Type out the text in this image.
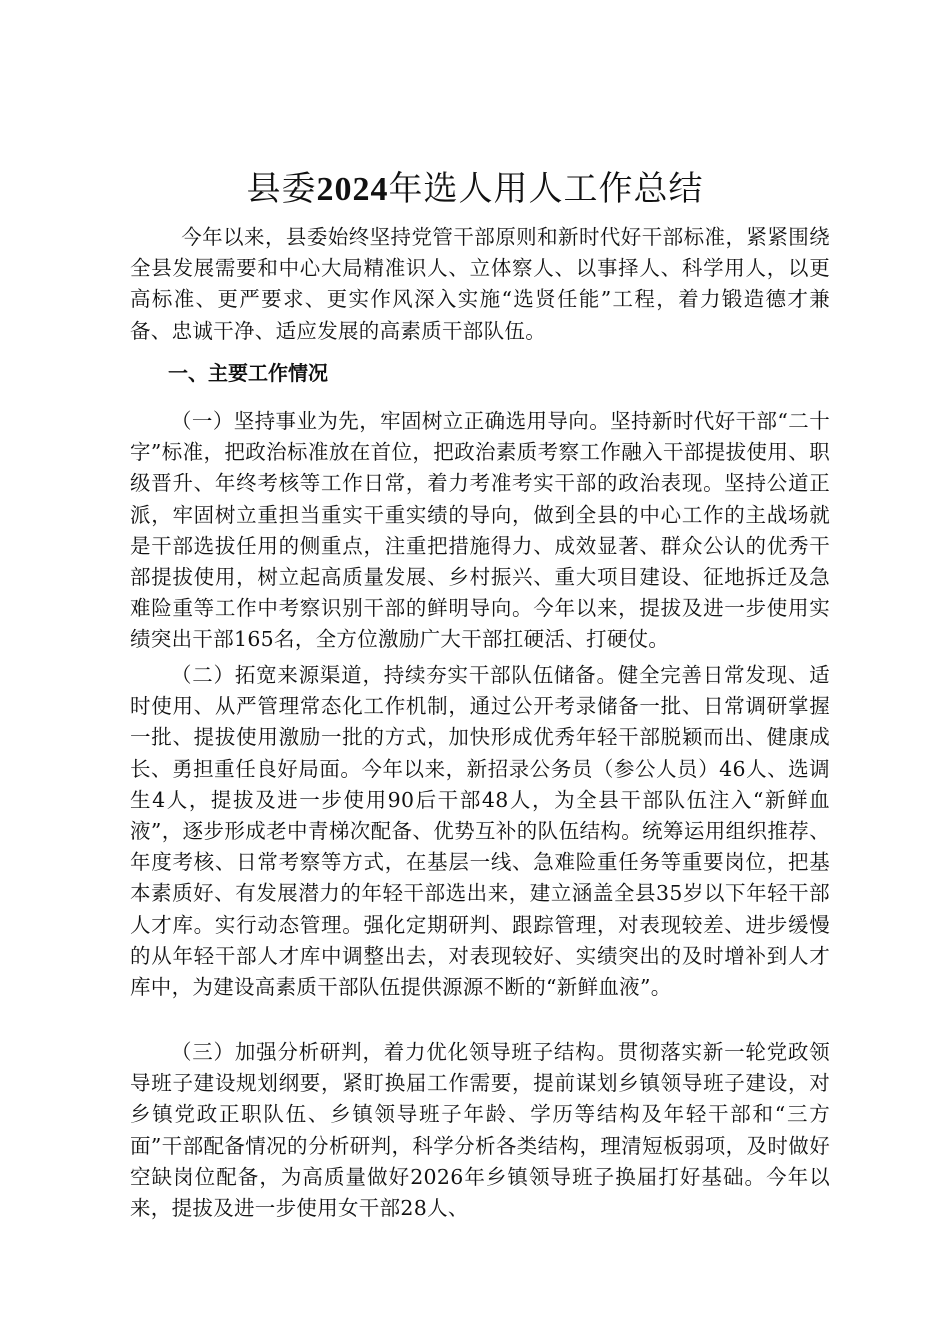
县委2024年选人用人工作总结

今年以来，县委始终坚持党管干部原则和新时代好干部标准，紧紧围绕全县发展需要和中心大局精准识人、立体察人、以事择人、科学用人，以更高标准、更严要求、更实作风深入实施“选贤任能”工程，着力锻造德才兼备、忠诚干净、适应发展的高素质干部队伍。

一、主要工作情况

（一）坚持事业为先，牢固树立正确选用导向。坚持新时代好干部“二十字”标准，把政治标准放在首位，把政治素质考察工作融入干部提拔使用、职级晋升、年终考核等工作日常，着力考准考实干部的政治表现。坚持公道正派，牢固树立重担当重实干重实绩的导向，做到全县的中心工作的主战场就是干部选拔任用的侧重点，注重把措施得力、成效显著、群众公认的优秀干部提拔使用，树立起高质量发展、乡村振兴、重大项目建设、征地拆迁及急难险重等工作中考察识别干部的鲜明导向。今年以来，提拔及进一步使用实绩突出干部165名，全方位激励广大干部扛硬活、打硬仗。

（二）拓宽来源渠道，持续夯实干部队伍储备。健全完善日常发现、适时使用、从严管理常态化工作机制，通过公开考录储备一批、日常调研掌握一批、提拔使用激励一批的方式，加快形成优秀年轻干部脱颖而出、健康成长、勇担重任良好局面。今年以来，新招录公务员（参公人员）46人、选调生4人，提拔及进一步使用90后干部48人，为全县干部队伍注入“新鲜血液”，逐步形成老中青梯次配备、优势互补的队伍结构。统筹运用组织推荐、年度考核、日常考察等方式，在基层一线、急难险重任务等重要岗位，把基本素质好、有发展潜力的年轻干部选出来，建立涵盖全县35岁以下年轻干部人才库。实行动态管理。强化定期研判、跟踪管理，对表现较差、进步缓慢的从年轻干部人才库中调整出去，对表现较好、实绩突出的及时增补到人才库中，为建设高素质干部队伍提供源源不断的“新鲜血液”。

（三）加强分析研判，着力优化领导班子结构。贯彻落实新一轮党政领导班子建设规划纲要，紧盯换届工作需要，提前谋划乡镇领导班子建设，对乡镇党政正职队伍、乡镇领导班子年龄、学历等结构及年轻干部和“三方面”干部配备情况的分析研判，科学分析各类结构，理清短板弱项，及时做好空缺岗位配备，为高质量做好2026年乡镇领导班子换届打好基础。今年以来，提拔及进一步使用女干部28人、
